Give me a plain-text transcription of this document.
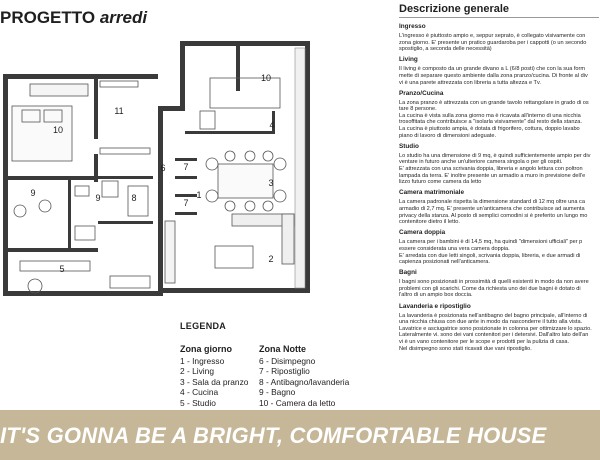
PROGETTO arredi
10
11
6 7
7
8
9	9
4
3
1
2
5
10
LEGENDA
Zona giorno
1 - Ingresso
2 - Living
3 - Sala da pranzo
4 - Cucina
5 - Studio
Zona Notte
6 - Disimpegno
7 - Ripostiglio
8 - Antibagno/lavanderia
9 - Bagno
10 - Camera da letto
Descrizione generale
Ingresso
L'ingresso è piuttosto ampio e, seppur seprato, è collegato visivamente con
zona giorno. E' presente un pratico guardaroba per i cappotti (o un secondo
spostiglio, a seconda delle necessità)
Living
Il living è composto da un grande divano a L (6/8 posti) che con la sua form
mette di separare questo ambiente dalla zona pranzo/cucina. Di fronte al div
vi è una parete attrezzata con libreria a tutta altezza e Tv.
Pranzo/Cucina
La zona pranzo è attrezzata con un grande tavolo rettangolare in grado di os
tare 8 persone.
La cucina è vista sulla zona giorno ma è ricavata all'interno di una nicchia
trosoffitata che contribuisce a "isolarla visivamente" dal resto della stanza.
La cucina è piuttosto ampia, è dotata di frigorifero, cottura, doppio lavabo
piano di lavoro di dimensioni adeguate.
Studio
Lo studio ha una dimensione di 9 mq, è quindi sufficientemente ampio per div
ventare in futuro anche un'ulteriore camera singola o per gli ospiti.
E' attrezzata con una scrivania doppia, libreria e angolo lettura con poltron
lampada da terra. E' inoltre presente un armadio a muro in previsione dell'e
lizzo futuro come camera da letto
Camera matrimoniale
La camera padronale rispetta la dimensione standard di 12 mq oltre una ca
armadio di 2,7 mq. E' presente un'anticamera che contribuisce ad aumenta
privacy della stanza. Al posto di semplici comodini si è preferito un lungo mo
contenitore dietro il letto.
Camera doppia
La camera per i bambini è di 14,5 mq, ha quindi "dimensioni ufficiali" per p
essere considerata una vera camera doppia.
E' arredata con due letti singoli, scrivania doppia, libreria, e due armadi di
capienza posizionati nell'anticamera.
Bagni
I bagni sono posizionati in prossimità di quelli esistenti in modo da non avere
problemi con gli scarichi. Come da richiesta uno dei due bagni è dotato di
l'altro di un ampio box doccia.
Lavanderia e ripostiglio
La lavanderia è posizionata nell'antibagno del bagno principale, all'interno di
una nicchia chiusa con due ante in modo da nasconderre il tutto alla vista.
Lavatrice e asciugatrice sono posizionate in colonna per ottimizzare lo spazio.
Lateralmente vi. sono dei vani contenitori per i detersivi. Dall'altro lato dell'an
vi è un vano contenitore per le scope e prodotti per la pulizia di casa.
Nel disimpegno sono stati ricavati due vani ripostiglio.
IT'S GONNA BE A BRIGHT, COMFORTABLE HOUSE
